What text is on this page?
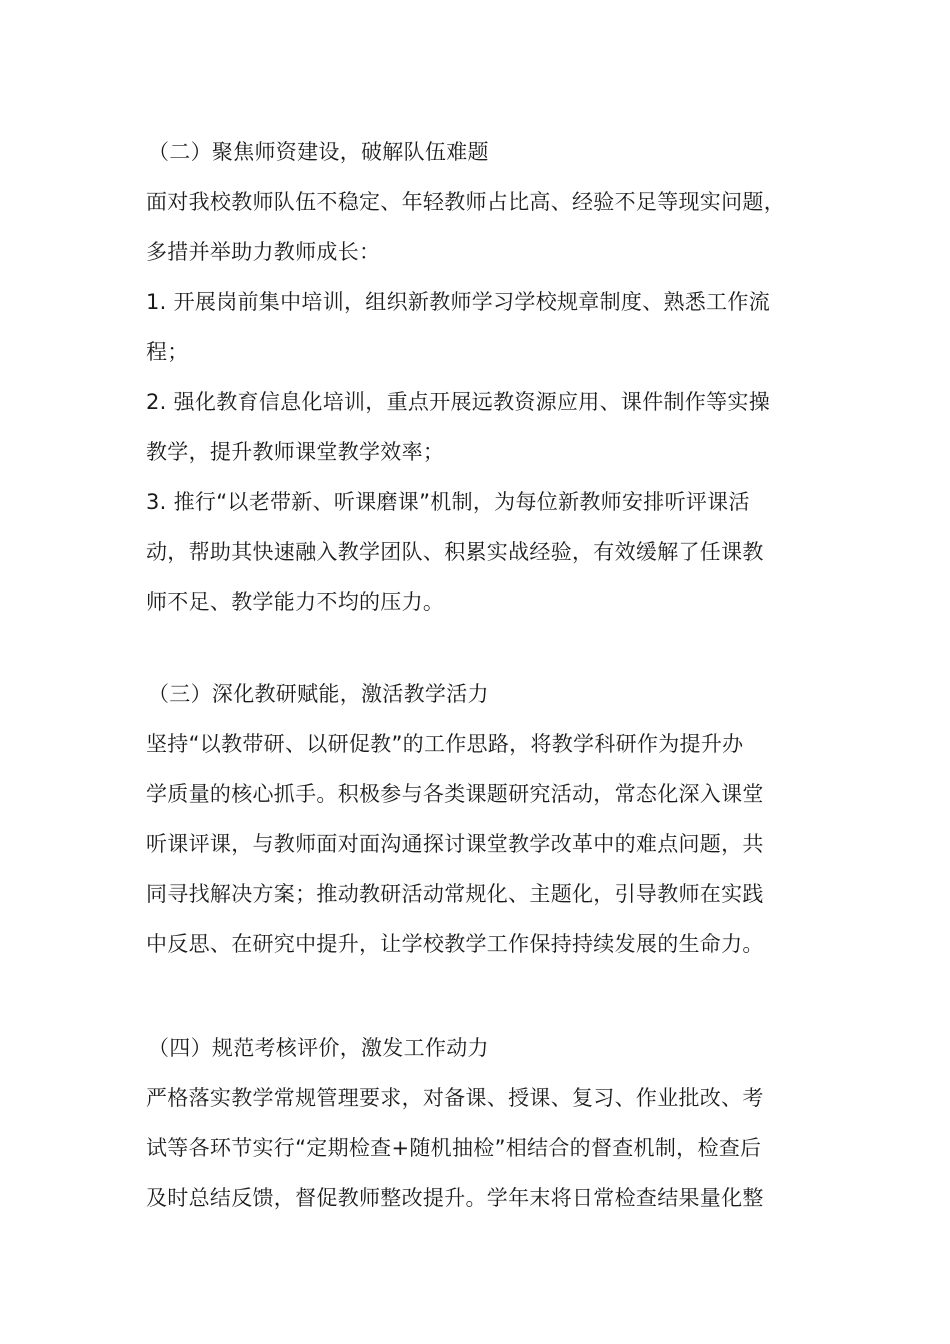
（二）聚焦师资建设，破解队伍难题
面对我校教师队伍不稳定、年轻教师占比高、经验不足等现实问题，
多措并举助力教师成长：
1. 开展岗前集中培训，组织新教师学习学校规章制度、熟悉工作流
程；
2. 强化教育信息化培训，重点开展远教资源应用、课件制作等实操
教学，提升教师课堂教学效率；
3. 推行“以老带新、听课磨课”机制，为每位新教师安排听评课活
动，帮助其快速融入教学团队、积累实战经验，有效缓解了任课教
师不足、教学能力不均的压力。
（三）深化教研赋能，激活教学活力
坚持“以教带研、以研促教”的工作思路，将教学科研作为提升办
学质量的核心抓手。积极参与各类课题研究活动，常态化深入课堂
听课评课，与教师面对面沟通探讨课堂教学改革中的难点问题，共
同寻找解决方案；推动教研活动常规化、主题化，引导教师在实践
中反思、在研究中提升，让学校教学工作保持持续发展的生命力。
（四）规范考核评价，激发工作动力
严格落实教学常规管理要求，对备课、授课、复习、作业批改、考
试等各环节实行“定期检查+随机抽检”相结合的督查机制，检查后
及时总结反馈，督促教师整改提升。学年末将日常检查结果量化整
